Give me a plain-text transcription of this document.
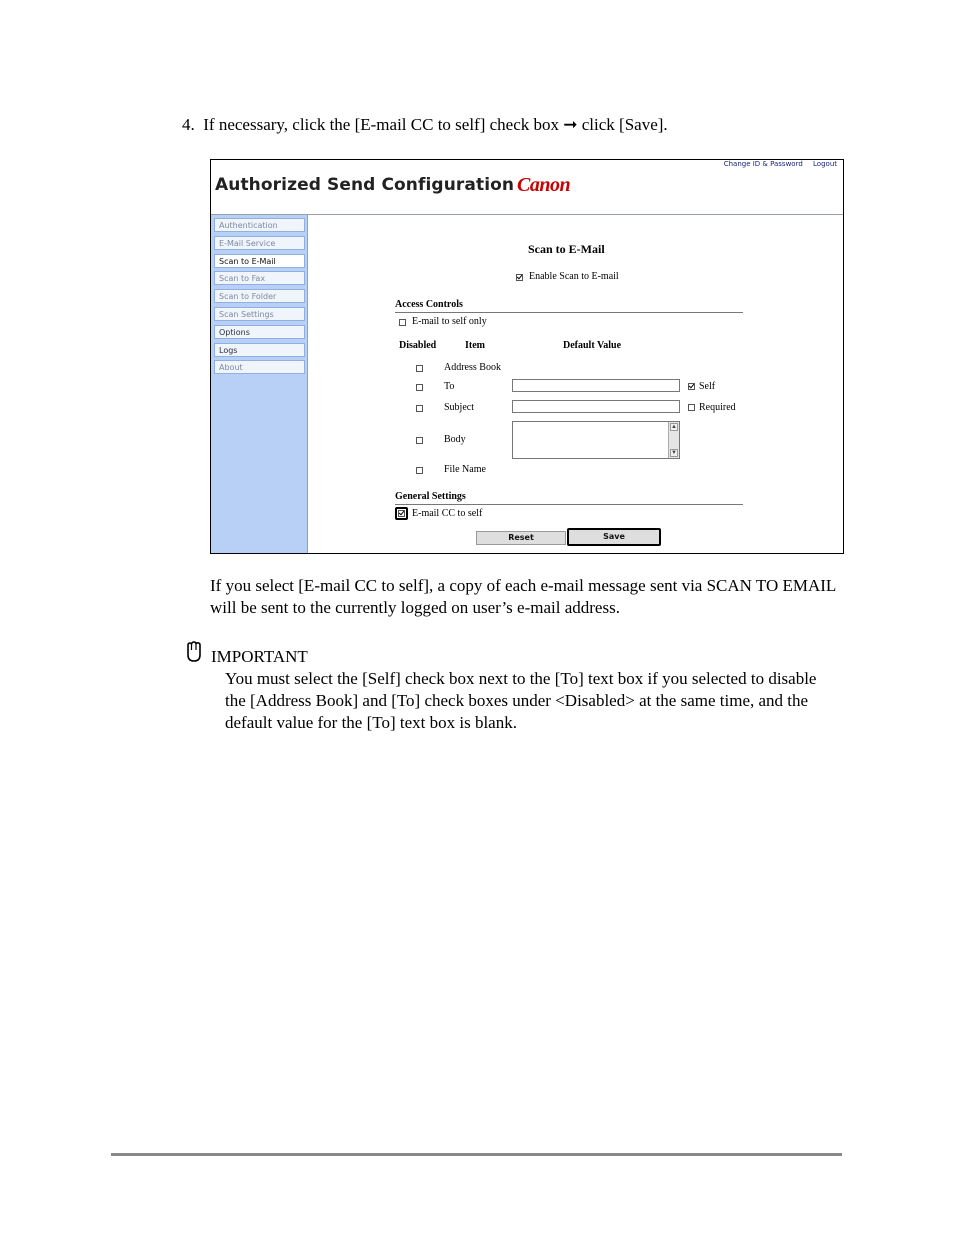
4. If necessary, click the [E-mail CC to self] check box ➞ click [Save].
Authorized Send Configuration Canon
Change ID & Password Logout
Authentication
E-Mail Service
Scan to E-Mail
Scan to Fax
Scan to Folder
Scan Settings
Options
Logs
About
Scan to E-Mail
Enable Scan to E-mail
Access Controls
E-mail to self only
Disabled	Item	Default Value
Address Book
To	Self
Subject	Required
Body
▲
▼
File Name
General Settings
E-mail CC to self
Reset	Save
If you select [E-mail CC to self], a copy of each e-mail message sent via SCAN TO EMAIL will be sent to the currently logged on user’s e-mail address.
IMPORTANT
You must select the [Self] check box next to the [To] text box if you selected to disable the [Address Book] and [To] check boxes under <Disabled> at the same time, and the default value for the [To] text box is blank.
